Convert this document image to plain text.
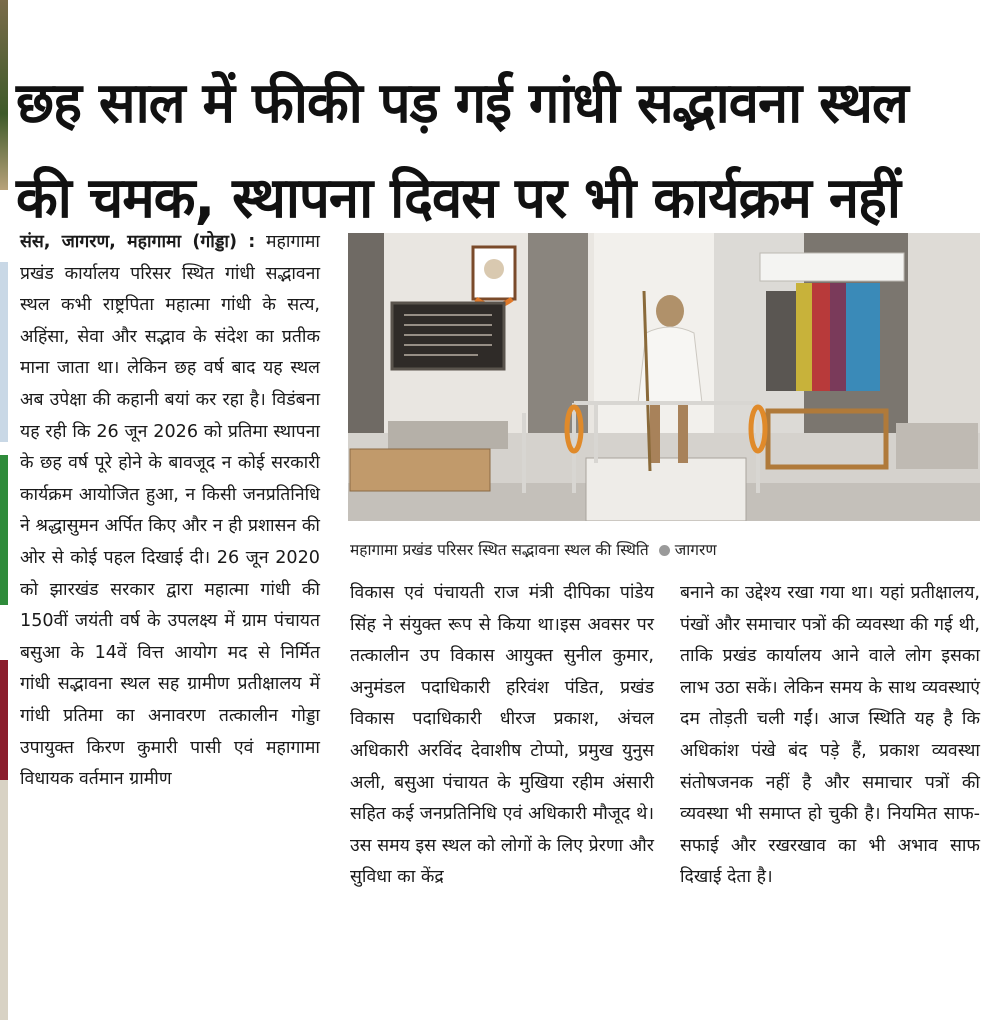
छह साल में फीकी पड़ गई गांधी सद्भावना स्थल
की चमक, स्थापना दिवस पर भी कार्यक्रम नहीं
संस, जागरण, महागामा (गोड्डा) : महागामा प्रखंड कार्यालय परिसर स्थित गांधी सद्भावना स्थल कभी राष्ट्रपिता महात्मा गांधी के सत्य, अहिंसा, सेवा और सद्भाव के संदेश का प्रतीक माना जाता था। लेकिन छह वर्ष बाद यह स्थल अब उपेक्षा की कहानी बयां कर रहा है। विडंबना यह रही कि 26 जून 2026 को प्रतिमा स्थापना के छह वर्ष पूरे होने के बावजूद न कोई सरकारी कार्यक्रम आयोजित हुआ, न किसी जनप्रतिनिधि ने श्रद्धासुमन अर्पित किए और न ही प्रशासन की ओर से कोई पहल दिखाई दी। 26 जून 2020 को झारखंड सरकार द्वारा महात्मा गांधी की 150वीं जयंती वर्ष के उपलक्ष्य में ग्राम पंचायत बसुआ के 14वें वित्त आयोग मद से निर्मित गांधी सद्भावना स्थल सह ग्रामीण प्रतीक्षालय में गांधी प्रतिमा का अनावरण तत्कालीन गोड्डा उपायुक्त किरण कुमारी पासी एवं महागामा विधायक वर्तमान ग्रामीण
महागामा प्रखंड परिसर स्थित सद्भावना स्थल की स्थिति जागरण
विकास एवं पंचायती राज मंत्री दीपिका पांडेय सिंह ने संयुक्त रूप से किया था।इस अवसर पर तत्कालीन उप विकास आयुक्त सुनील कुमार, अनुमंडल पदाधिकारी हरिवंश पंडित, प्रखंड विकास पदाधिकारी धीरज प्रकाश, अंचल अधिकारी अरविंद देवाशीष टोप्पो, प्रमुख युनुस अली, बसुआ पंचायत के मुखिया रहीम अंसारी सहित कई जनप्रतिनिधि एवं अधिकारी मौजूद थे।उस समय इस स्थल को लोगों के लिए प्रेरणा और सुविधा का केंद्र
बनाने का उद्देश्य रखा गया था। यहां प्रतीक्षालय, पंखों और समाचार पत्रों की व्यवस्था की गई थी, ताकि प्रखंड कार्यालय आने वाले लोग इसका लाभ उठा सकें। लेकिन समय के साथ व्यवस्थाएं दम तोड़ती चली गईं। आज स्थिति यह है कि अधिकांश पंखे बंद पड़े हैं, प्रकाश व्यवस्था संतोषजनक नहीं है और समाचार पत्रों की व्यवस्था भी समाप्त हो चुकी है। नियमित साफ-सफाई और रखरखाव का भी अभाव साफ दिखाई देता है।
